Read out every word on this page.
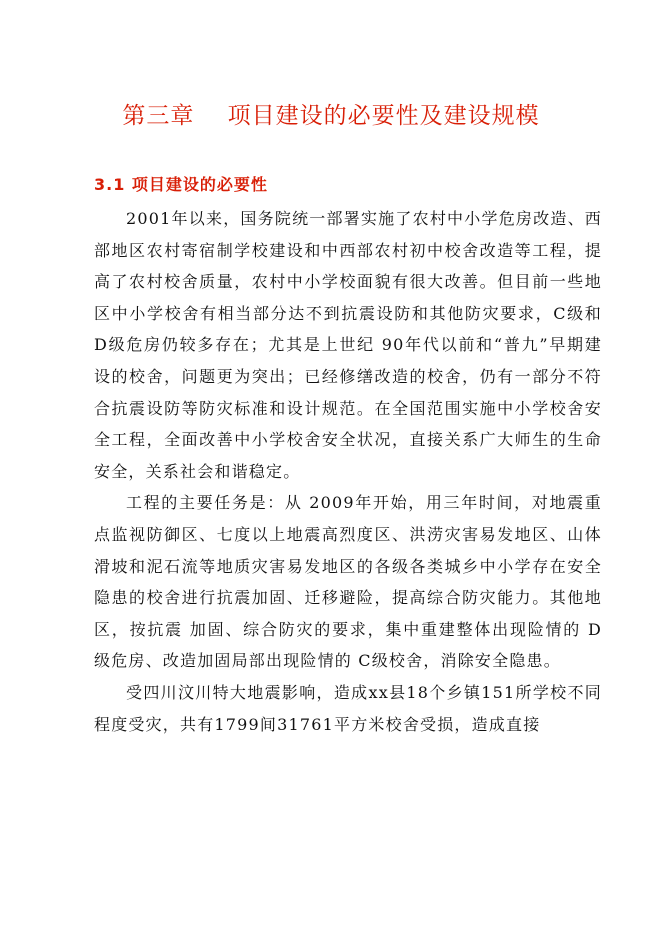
第三章    项目建设的必要性及建设规模
3.1 项目建设的必要性

2001年以来，国务院统一部署实施了农村中小学危房改造、西部地区农村寄宿制学校建设和中西部农村初中校舍改造等工程，提高了农村校舍质量，农村中小学校面貌有很大改善。但目前一些地区中小学校舍有相当部分达不到抗震设防和其他防灾要求，C级和D级危房仍较多存在；尤其是上世纪 90年代以前和“普九”早期建设的校舍，问题更为突出；已经修缮改造的校舍，仍有一部分不符合抗震设防等防灾标准和设计规范。在全国范围实施中小学校舍安全工程，全面改善中小学校舍安全状况，直接关系广大师生的生命安全，关系社会和谐稳定。

工程的主要任务是：从 2009年开始，用三年时间，对地震重点监视防御区、七度以上地震高烈度区、洪涝灾害易发地区、山体滑坡和泥石流等地质灾害易发地区的各级各类城乡中小学存在安全隐患的校舍进行抗震加固、迁移避险，提高综合防灾能力。其他地区，按抗震 加固、综合防灾的要求，集中重建整体出现险情的 D级危房、改造加固局部出现险情的 C级校舍，消除安全隐患。

受四川汶川特大地震影响，造成xx县18个乡镇151所学校不同程度受灾，共有1799间31761平方米校舍受损，造成直接
